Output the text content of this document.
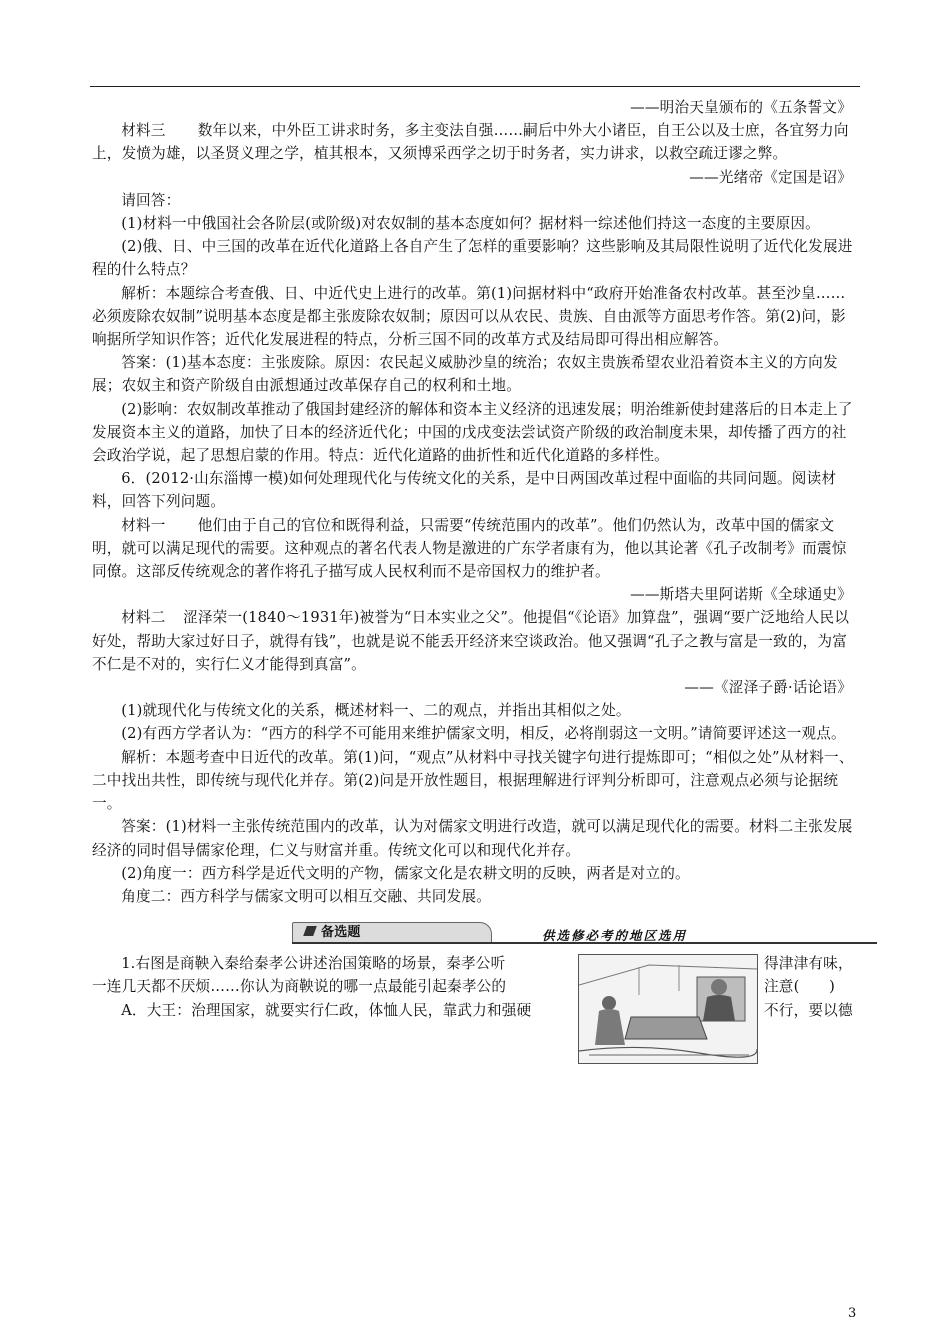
——明治天皇颁布的《五条誓文》

材料三 数年以来，中外臣工讲求时务，多主变法自强……嗣后中外大小诸臣，自王公以及士庶，各宜努力向上，发愤为雄，以圣贤义理之学，植其根本，又须博采西学之切于时务者，实力讲求，以救空疏迂谬之弊。

——光绪帝《定国是诏》

请回答：

(1)材料一中俄国社会各阶层(或阶级)对农奴制的基本态度如何？据材料一综述他们持这一态度的主要原因。

(2)俄、日、中三国的改革在近代化道路上各自产生了怎样的重要影响？这些影响及其局限性说明了近代化发展进程的什么特点？

解析：本题综合考查俄、日、中近代史上进行的改革。第(1)问据材料中“政府开始准备农村改革。甚至沙皇……必须废除农奴制”说明基本态度是都主张废除农奴制；原因可以从农民、贵族、自由派等方面思考作答。第(2)问，影响据所学知识作答；近代化发展进程的特点，分析三国不同的改革方式及结局即可得出相应解答。

答案：(1)基本态度：主张废除。原因：农民起义威胁沙皇的统治；农奴主贵族希望农业沿着资本主义的方向发展；农奴主和资产阶级自由派想通过改革保存自己的权利和土地。

(2)影响：农奴制改革推动了俄国封建经济的解体和资本主义经济的迅速发展；明治维新使封建落后的日本走上了发展资本主义的道路，加快了日本的经济近代化；中国的戊戌变法尝试资产阶级的政治制度未果，却传播了西方的社会政治学说，起了思想启蒙的作用。特点：近代化道路的曲折性和近代化道路的多样性。

6．(2012·山东淄博一模)如何处理现代化与传统文化的关系，是中日两国改革过程中面临的共同问题。阅读材料，回答下列问题。

材料一 他们由于自己的官位和既得利益，只需要“传统范围内的改革”。他们仍然认为，改革中国的儒家文明，就可以满足现代的需要。这种观点的著名代表人物是激进的广东学者康有为，他以其论著《孔子改制考》而震惊同僚。这部反传统观念的著作将孔子描写成人民权利而不是帝国权力的维护者。

——斯塔夫里阿诺斯《全球通史》

材料二 涩泽荣一(1840～1931年)被誉为“日本实业之父”。他提倡“《论语》加算盘”，强调“要广泛地给人民以好处，帮助大家过好日子，就得有钱”，也就是说不能丢开经济来空谈政治。他又强调“孔子之教与富是一致的，为富不仁是不对的，实行仁义才能得到真富”。

——《涩泽子爵·话论语》

(1)就现代化与传统文化的关系，概述材料一、二的观点，并指出其相似之处。

(2)有西方学者认为：“西方的科学不可能用来维护儒家文明，相反，必将削弱这一文明。”请简要评述这一观点。

解析：本题考查中日近代的改革。第(1)问，“观点”从材料中寻找关键字句进行提炼即可；“相似之处”从材料一、二中找出共性，即传统与现代化并存。第(2)问是开放性题目，根据理解进行评判分析即可，注意观点必须与论据统一。

答案：(1)材料一主张传统范围内的改革，认为对儒家文明进行改造，就可以满足现代化的需要。材料二主张发展经济的同时倡导儒家伦理，仁义与财富并重。传统文化可以和现代化并存。

(2)角度一：西方科学是近代文明的产物，儒家文化是农耕文明的反映，两者是对立的。

角度二：西方科学与儒家文明可以相互交融、共同发展。

备选题	供选修必考的地区选用

1.右图是商鞅入秦给秦孝公讲述治国策略的场景，秦孝公听

一连几天都不厌烦……你认为商鞅说的哪一点最能引起秦孝公的

A．大王：治理国家，就要实行仁政，体恤人民，靠武力和强硬

得津津有味，

注意(　　)

不行，要以德

3
